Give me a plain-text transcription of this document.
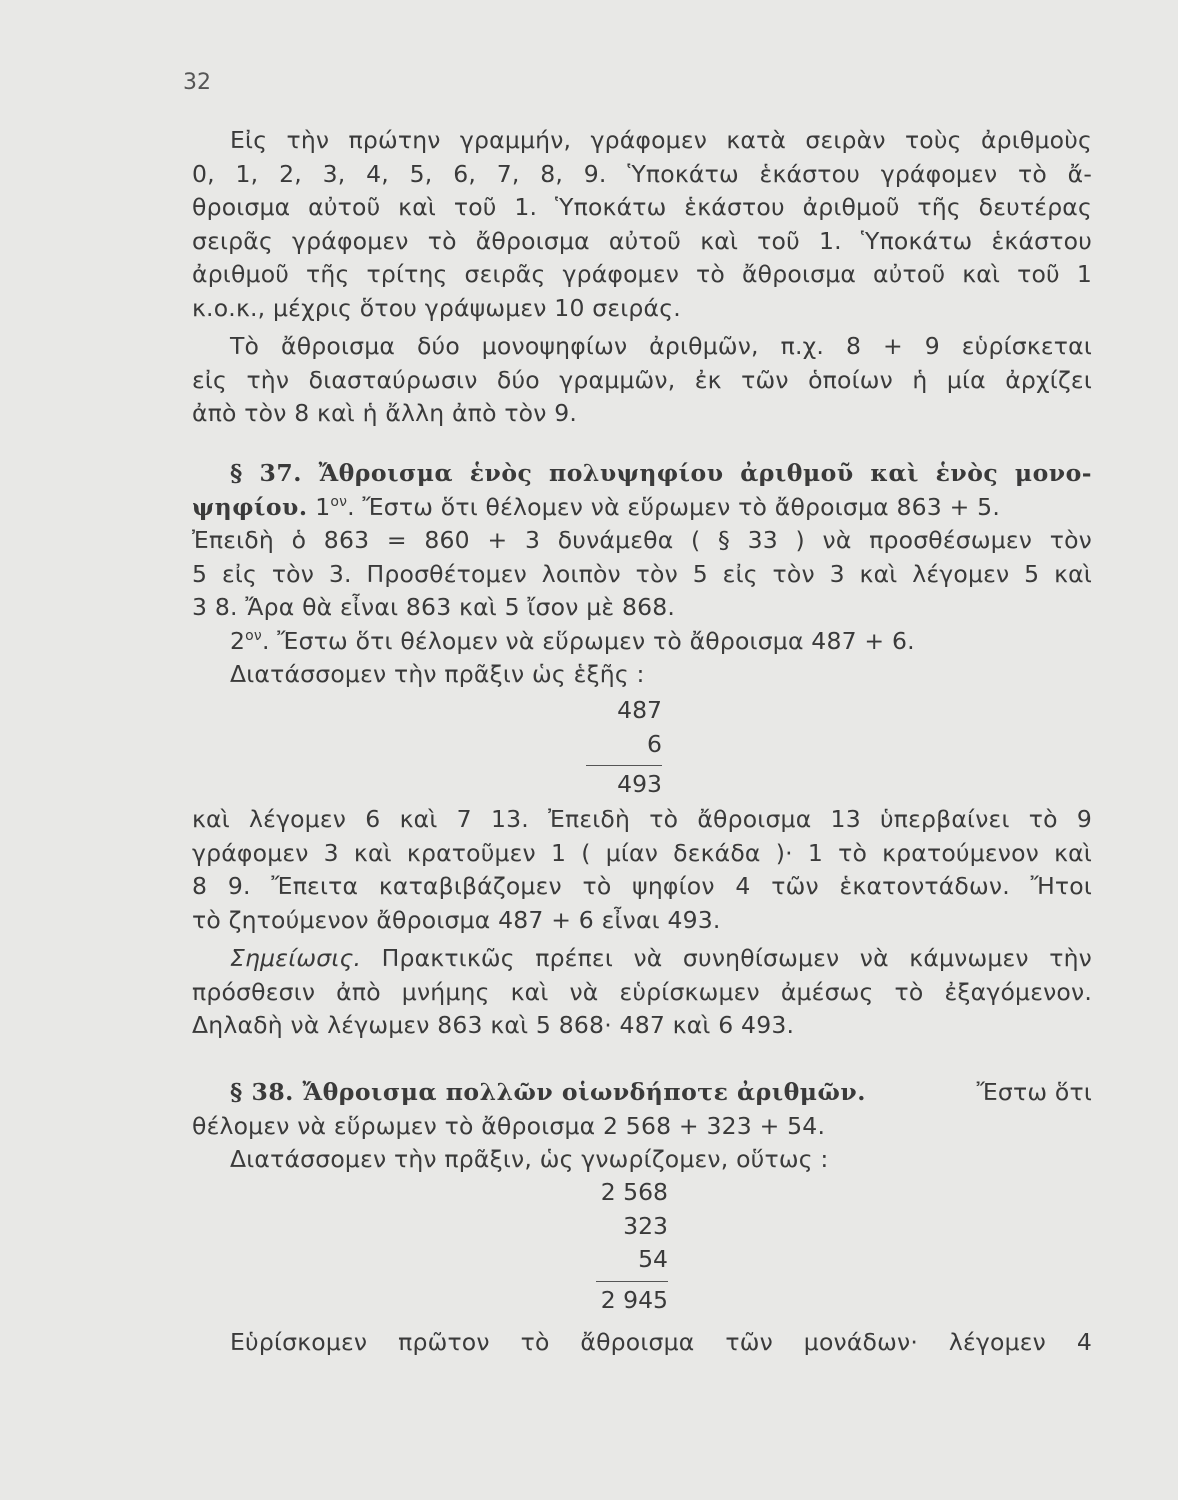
32
Εἰς τὴν πρώτην γραμμήν, γράφομεν κατὰ σειρὰν τοὺς ἀριθμοὺς
0, 1, 2, 3, 4, 5, 6, 7, 8, 9. Ὑποκάτω ἑκάστου γράφομεν τὸ ἄ-
θροισμα αὐτοῦ καὶ τοῦ 1. Ὑποκάτω ἑκάστου ἀριθμοῦ τῆς δευτέρας
σειρᾶς γράφομεν τὸ ἄθροισμα αὐτοῦ καὶ τοῦ 1. Ὑποκάτω ἑκάστου
ἀριθμοῦ τῆς τρίτης σειρᾶς γράφομεν τὸ ἄθροισμα αὐτοῦ καὶ τοῦ 1
κ.ο.κ., μέχρις ὅτου γράψωμεν 10 σειράς.
Τὸ ἄθροισμα δύο μονοψηφίων ἀριθμῶν, π.χ. 8 + 9 εὑρίσκεται
εἰς τὴν διασταύρωσιν δύο γραμμῶν, ἐκ τῶν ὁποίων ἡ μία ἀρχίζει
ἀπὸ τὸν 8 καὶ ἡ ἄλλη ἀπὸ τὸν 9.
§ 37. Ἄθροισμα ἑνὸς πολυψηφίου ἀριθμοῦ καὶ ἑνὸς μονο-
ψηφίου. $1^{o\nu}$. Ἔστω ὅτι θέλομεν νὰ εὕρωμεν τὸ ἄθροισμα 863 + 5.
Ἐπειδὴ ὁ 863 = 860 + 3 δυνάμεθα ( § 33 ) νὰ προσθέσωμεν τὸν
5 εἰς τὸν 3. Προσθέτομεν λοιπὸν τὸν 5 εἰς τὸν 3 καὶ λέγομεν 5 καὶ
3 8. Ἄρα θὰ εἶναι 863 καὶ 5 ἴσον μὲ 868.
$2^{o\nu}$. Ἔστω ὅτι θέλομεν νὰ εὕρωμεν τὸ ἄθροισμα 487 + 6.
Διατάσσομεν τὴν πρᾶξιν ὡς ἑξῆς :
487
6
493
καὶ λέγομεν 6 καὶ 7 13. Ἐπειδὴ τὸ ἄθροισμα 13 ὑπερβαίνει τὸ 9
γράφομεν 3 καὶ κρατοῦμεν 1 ( μίαν δεκάδα )· 1 τὸ κρατούμενον καὶ
8 9. Ἔπειτα καταβιβάζομεν τὸ ψηφίον 4 τῶν ἑκατοντάδων. Ἤτοι
τὸ ζητούμενον ἄθροισμα 487 + 6 εἶναι 493.
Σημείωσις. Πρακτικῶς πρέπει νὰ συνηθίσωμεν νὰ κάμνωμεν τὴν
πρόσθεσιν ἀπὸ μνήμης καὶ νὰ εὑρίσκωμεν ἀμέσως τὸ ἐξαγόμενον.
Δηλαδὴ νὰ λέγωμεν 863 καὶ 5 868· 487 καὶ 6 493.
§ 38. Ἄθροισμα πολλῶν οἱωνδήποτε ἀριθμῶν.	Ἔστω ὅτι
θέλομεν νὰ εὕρωμεν τὸ ἄθροισμα 2 568 + 323 + 54.
Διατάσσομεν τὴν πρᾶξιν, ὡς γνωρίζομεν, οὕτως :
2 568
323
54
2 945
Εὑρίσκομεν πρῶτον τὸ ἄθροισμα τῶν μονάδων· λέγομεν 4
